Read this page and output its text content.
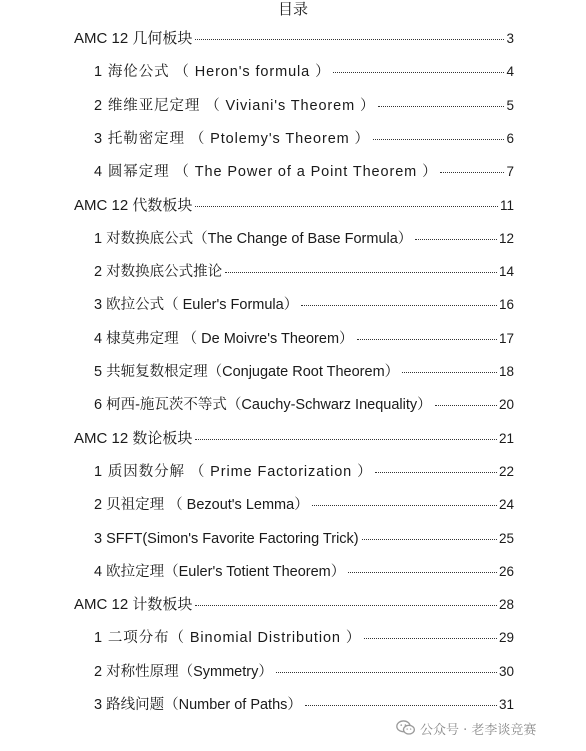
目录
AMC 12 几何板块	3
1 海伦公式 （ Heron's formula ）	4
2 维维亚尼定理 （ Viviani's Theorem ）	5
3 托勒密定理 （ Ptolemy's Theorem ）	6
4 圆幂定理 （ The Power of a Point Theorem ）	7
AMC 12 代数板块	11
1 对数换底公式（The Change of Base Formula）	12
2 对数换底公式推论	14
3 欧拉公式（ Euler's Formula）	16
4 棣莫弗定理 （ De Moivre's Theorem）	17
5 共轭复数根定理（Conjugate Root Theorem）	18
6 柯西-施瓦茨不等式（Cauchy-Schwarz Inequality）	20
AMC 12 数论板块	21
1 质因数分解 （ Prime Factorization ）	22
2 贝祖定理 （ Bezout's Lemma）	24
3 SFFT(Simon's Favorite Factoring Trick)	25
4 欧拉定理（Euler's Totient Theorem）	26
AMC 12 计数板块	28
1 二项分布（ Binomial Distribution ）	29
2 对称性原理（Symmetry）	30
3 路线问题（Number of Paths）	31
公众号 · 老李谈竞赛
